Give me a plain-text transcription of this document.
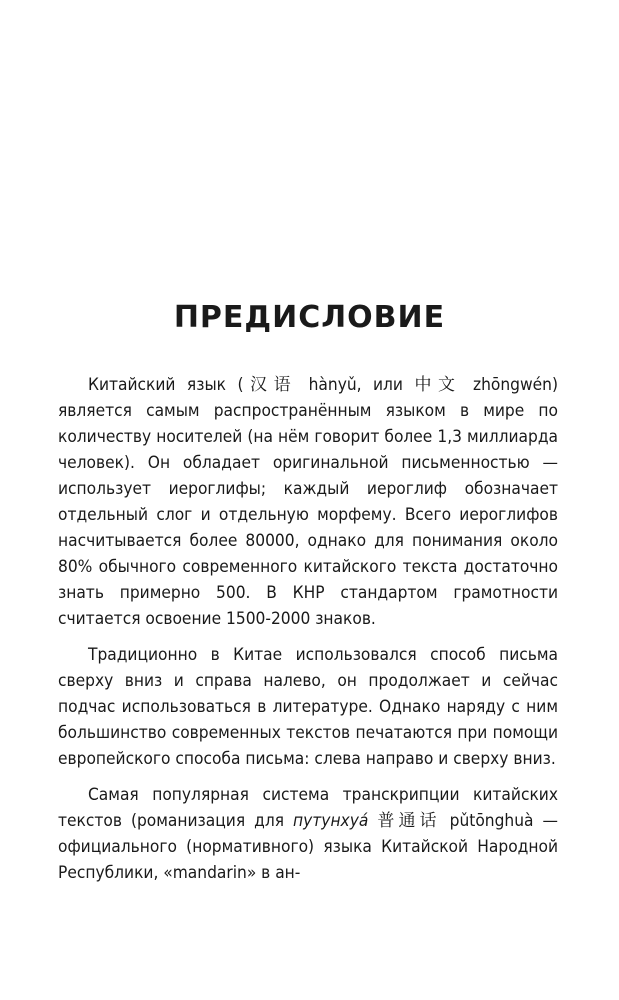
ПРЕДИСЛОВИЕ

Китайский язык (汉语 hànyǔ, или 中文 zhōngwén) является самым распространённым языком в мире по количеству носителей (на нём говорит более 1,3 миллиарда человек). Он обладает оригинальной письменностью — использует иероглифы; каждый иероглиф обозначает отдельный слог и отдельную морфему. Всего иероглифов насчитывается более 80000, однако для понимания около 80% обычного современного китайского текста достаточно знать примерно 500. В КНР стандартом грамотности считается освоение 1500-2000 знаков.

Традиционно в Китае использовался способ письма сверху вниз и справа налево, он продолжает и сейчас подчас использоваться в литературе. Однако наряду с ним большинство современных текстов печатаются при помощи европейского способа письма: слева направо и сверху вниз.

Самая популярная система транскрипции китайских текстов (романизация для путунхуа́ 普通话 pǔtōnghuà — официального (нормативного) языка Китайской Народной Республики, «mandarin» в ан-
